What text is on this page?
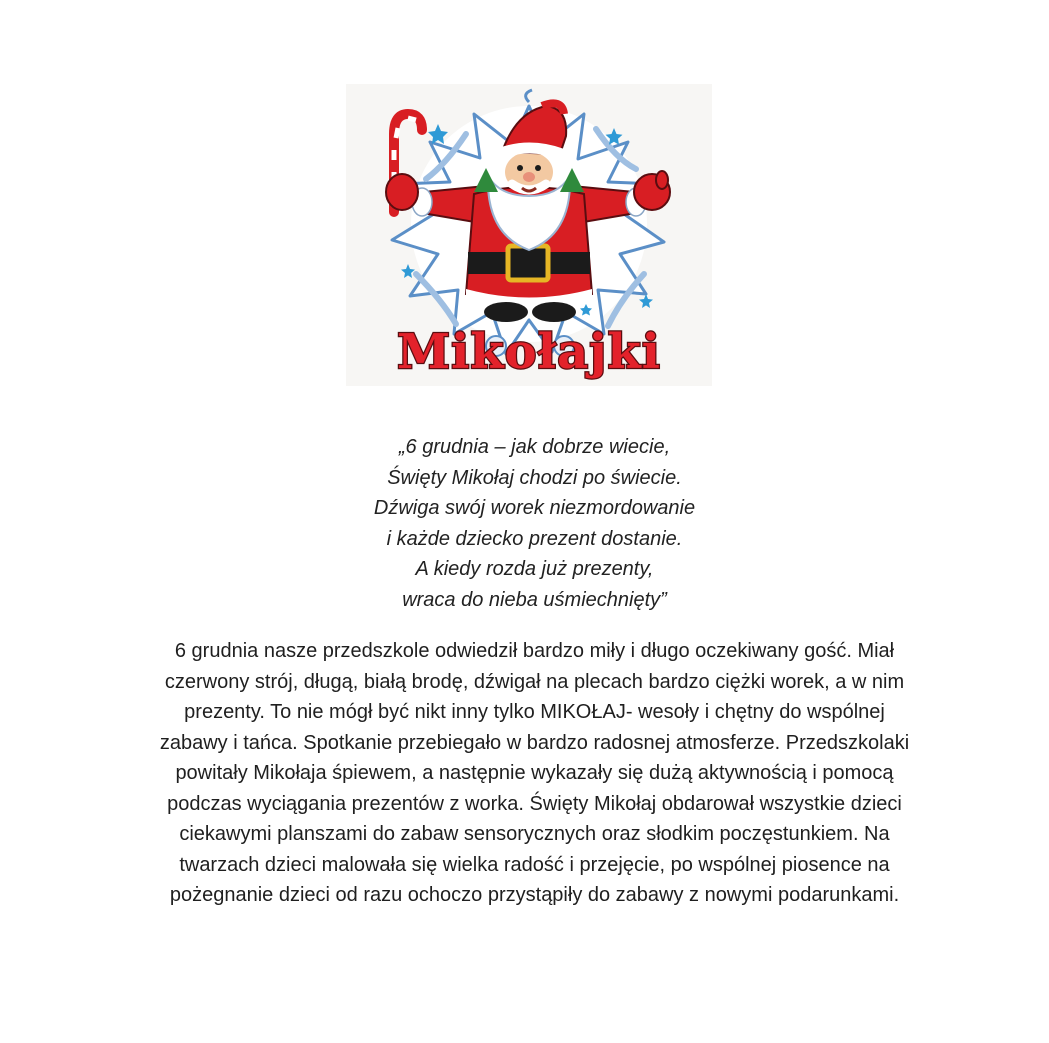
Mikołajki
„6 grudnia – jak dobrze wiecie,
Święty Mikołaj chodzi po świecie.
Dźwiga swój worek niezmordowanie
i każde dziecko prezent dostanie.
A kiedy rozda już prezenty,
wraca do nieba uśmiechnięty”
6 grudnia nasze przedszkole odwiedził bardzo miły i długo oczekiwany gość. Miał
czerwony strój, długą, białą brodę, dźwigał na plecach bardzo ciężki worek, a w nim
prezenty. To nie mógł być nikt inny tylko MIKOŁAJ- wesoły i chętny do wspólnej
zabawy i tańca. Spotkanie przebiegało w bardzo radosnej atmosferze. Przedszkolaki
powitały Mikołaja śpiewem, a następnie wykazały się dużą aktywnością i pomocą
podczas wyciągania prezentów z worka. Święty Mikołaj obdarował wszystkie dzieci
ciekawymi planszami do zabaw sensorycznych oraz słodkim poczęstunkiem. Na
twarzach dzieci malowała się wielka radość i przejęcie, po wspólnej piosence na
pożegnanie dzieci od razu ochoczo przystąpiły do zabawy z nowymi podarunkami.
